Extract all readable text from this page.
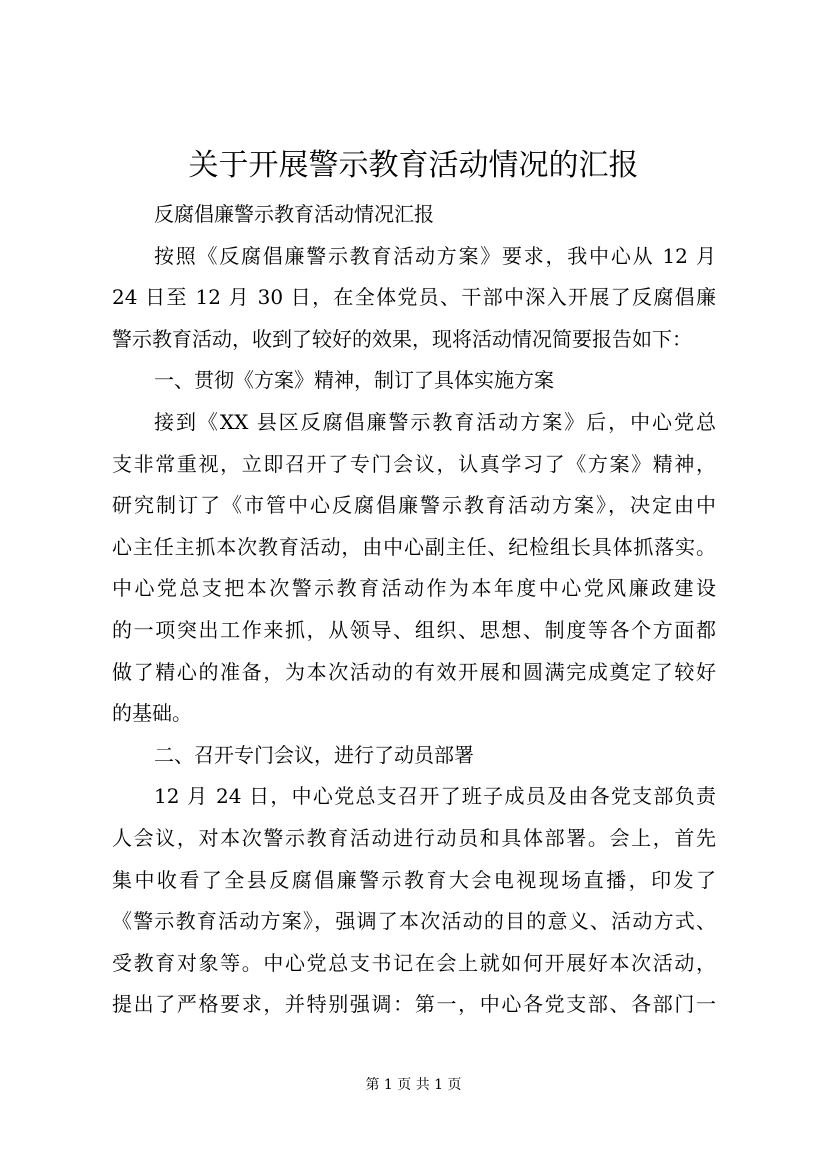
关于开展警示教育活动情况的汇报
反腐倡廉警示教育活动情况汇报
按照《反腐倡廉警示教育活动方案》要求，我中心从 12 月
24 日至 12 月 30 日，在全体党员、干部中深入开展了反腐倡廉
警示教育活动，收到了较好的效果，现将活动情况简要报告如下：
一、贯彻《方案》精神，制订了具体实施方案
接到《XX 县区反腐倡廉警示教育活动方案》后，中心党总
支非常重视，立即召开了专门会议，认真学习了《方案》精神，
研究制订了《市管中心反腐倡廉警示教育活动方案》，决定由中
心主任主抓本次教育活动，由中心副主任、纪检组长具体抓落实。
中心党总支把本次警示教育活动作为本年度中心党风廉政建设
的一项突出工作来抓，从领导、组织、思想、制度等各个方面都
做了精心的准备，为本次活动的有效开展和圆满完成奠定了较好
的基础。
二、召开专门会议，进行了动员部署
12 月 24 日，中心党总支召开了班子成员及由各党支部负责
人会议，对本次警示教育活动进行动员和具体部署。会上，首先
集中收看了全县反腐倡廉警示教育大会电视现场直播，印发了
《警示教育活动方案》，强调了本次活动的目的意义、活动方式、
受教育对象等。中心党总支书记在会上就如何开展好本次活动，
提出了严格要求，并特别强调：第一，中心各党支部、各部门一
第 1 页 共 1 页
